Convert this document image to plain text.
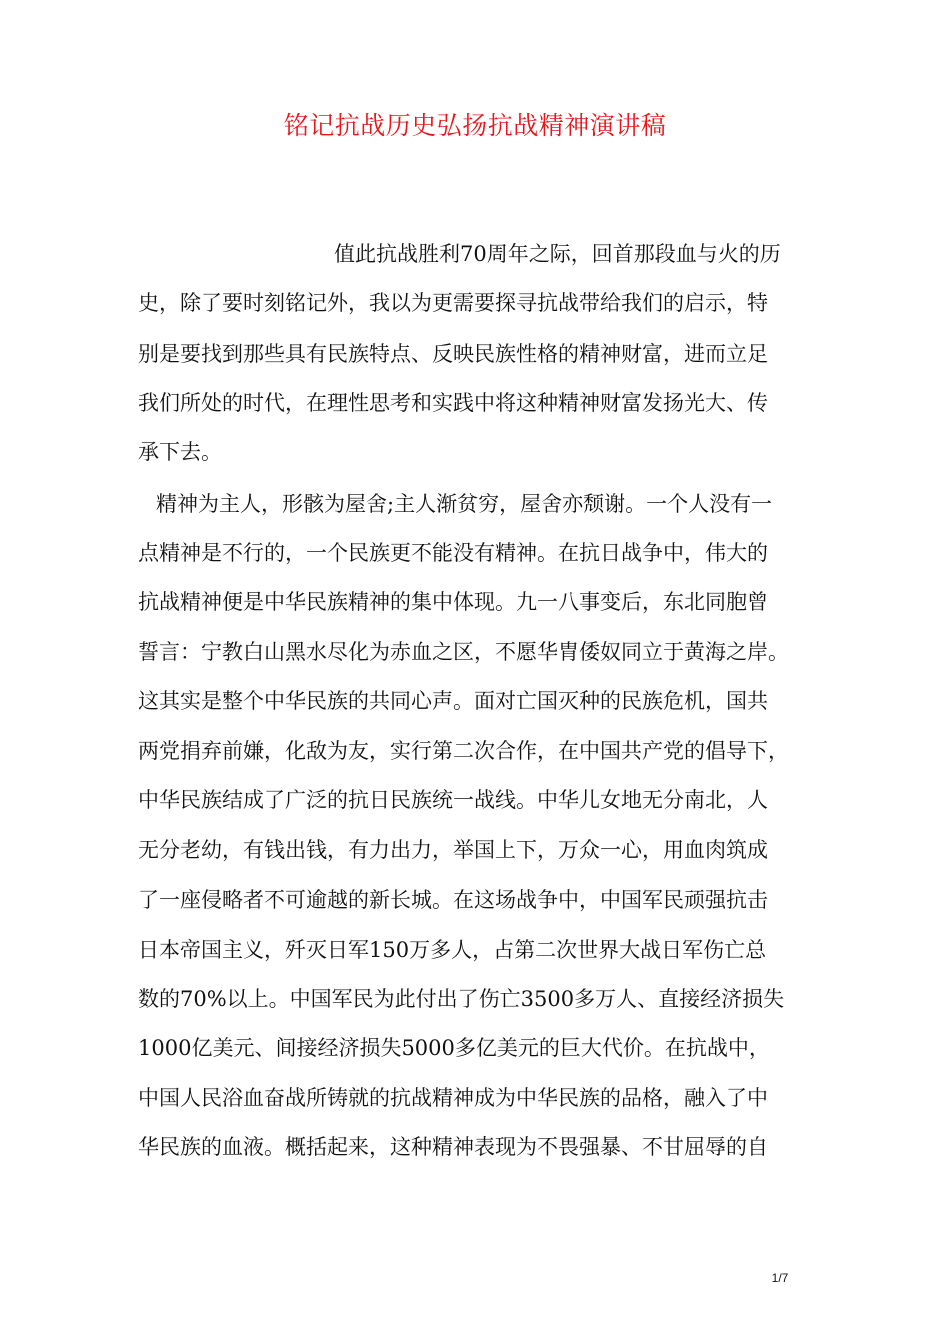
铭记抗战历史弘扬抗战精神演讲稿
值此抗战胜利70周年之际，回首那段血与火的历
史，除了要时刻铭记外，我以为更需要探寻抗战带给我们的启示，特
别是要找到那些具有民族特点、反映民族性格的精神财富，进而立足
我们所处的时代，在理性思考和实践中将这种精神财富发扬光大、传
承下去。
精神为主人，形骸为屋舍;主人渐贫穷，屋舍亦颓谢。一个人没有一
点精神是不行的，一个民族更不能没有精神。在抗日战争中，伟大的
抗战精神便是中华民族精神的集中体现。九一八事变后，东北同胞曾
誓言：宁教白山黑水尽化为赤血之区，不愿华胄倭奴同立于黄海之岸。
这其实是整个中华民族的共同心声。面对亡国灭种的民族危机，国共
两党捐弃前嫌，化敌为友，实行第二次合作，在中国共产党的倡导下，
中华民族结成了广泛的抗日民族统一战线。中华儿女地无分南北，人
无分老幼，有钱出钱，有力出力，举国上下，万众一心，用血肉筑成
了一座侵略者不可逾越的新长城。在这场战争中，中国军民顽强抗击
日本帝国主义，歼灭日军150万多人，占第二次世界大战日军伤亡总
数的70%以上。中国军民为此付出了伤亡3500多万人、直接经济损失
1000亿美元、间接经济损失5000多亿美元的巨大代价。在抗战中，
中国人民浴血奋战所铸就的抗战精神成为中华民族的品格，融入了中
华民族的血液。概括起来，这种精神表现为不畏强暴、不甘屈辱的自
1/7
